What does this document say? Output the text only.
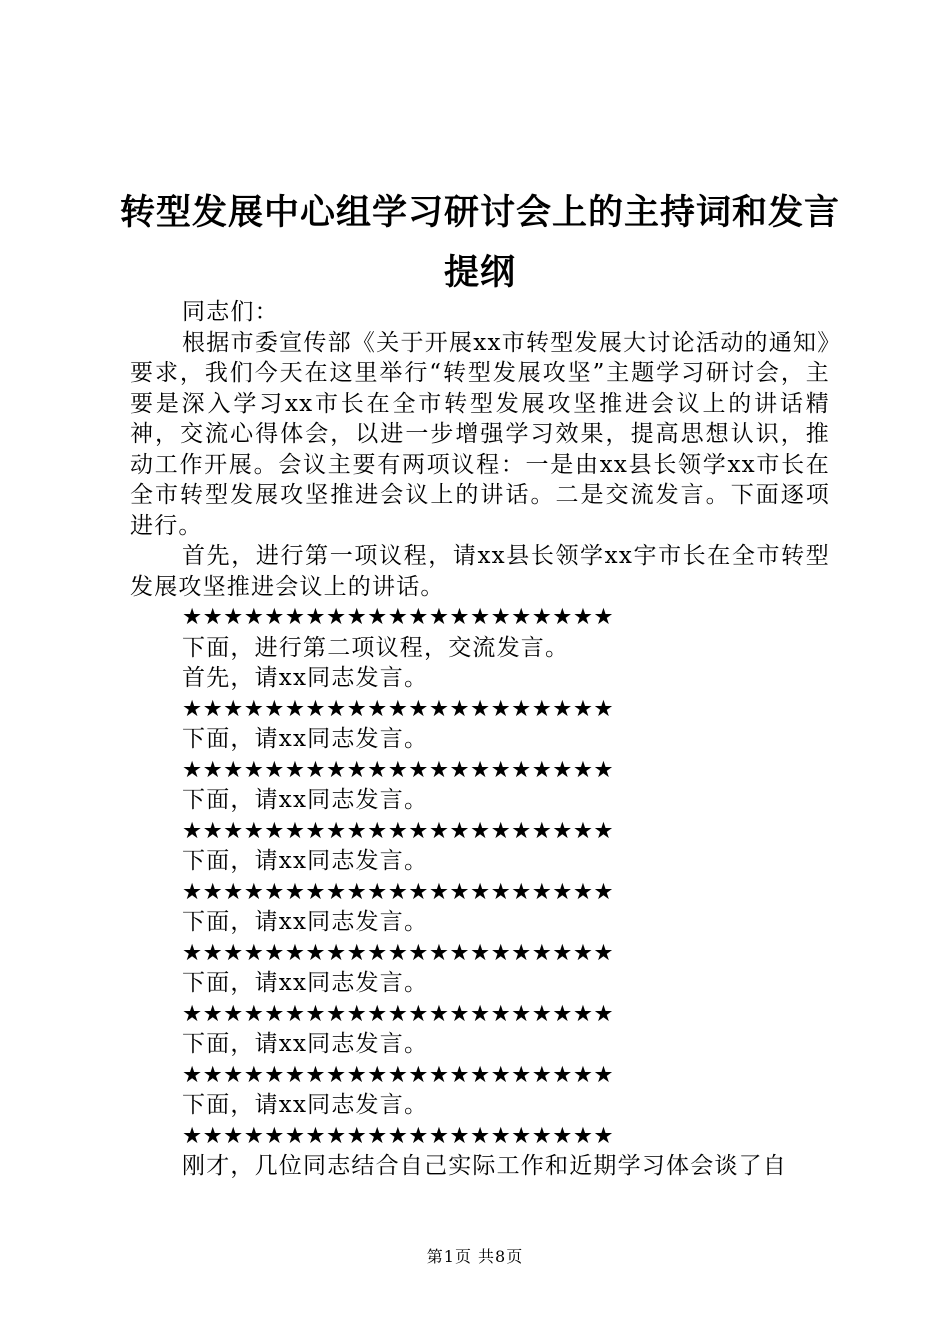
转型发展中心组学习研讨会上的主持词和发言
提纲
同志们：

根据市委宣传部《关于开展xx市转型发展大讨论活动的通知》要求，我们今天在这里举行“转型发展攻坚”主题学习研讨会，主要是深入学习xx市长在全市转型发展攻坚推进会议上的讲话精神，交流心得体会，以进一步增强学习效果，提高思想认识，推动工作开展。会议主要有两项议程：一是由xx县长领学xx市长在全市转型发展攻坚推进会议上的讲话。二是交流发言。下面逐项进行。

首先，进行第一项议程，请xx县长领学xx宇市长在全市转型发展攻坚推进会议上的讲话。

★★★★★★★★★★★★★★★★★★★★★
下面，进行第二项议程，交流发言。
首先，请xx同志发言。
★★★★★★★★★★★★★★★★★★★★★
下面，请xx同志发言。
★★★★★★★★★★★★★★★★★★★★★
下面，请xx同志发言。
★★★★★★★★★★★★★★★★★★★★★
下面，请xx同志发言。
★★★★★★★★★★★★★★★★★★★★★
下面，请xx同志发言。
★★★★★★★★★★★★★★★★★★★★★
下面，请xx同志发言。
★★★★★★★★★★★★★★★★★★★★★
下面，请xx同志发言。
★★★★★★★★★★★★★★★★★★★★★
下面，请xx同志发言。
★★★★★★★★★★★★★★★★★★★★★
刚才，几位同志结合自己实际工作和近期学习体会谈了自
第1页 共8页
